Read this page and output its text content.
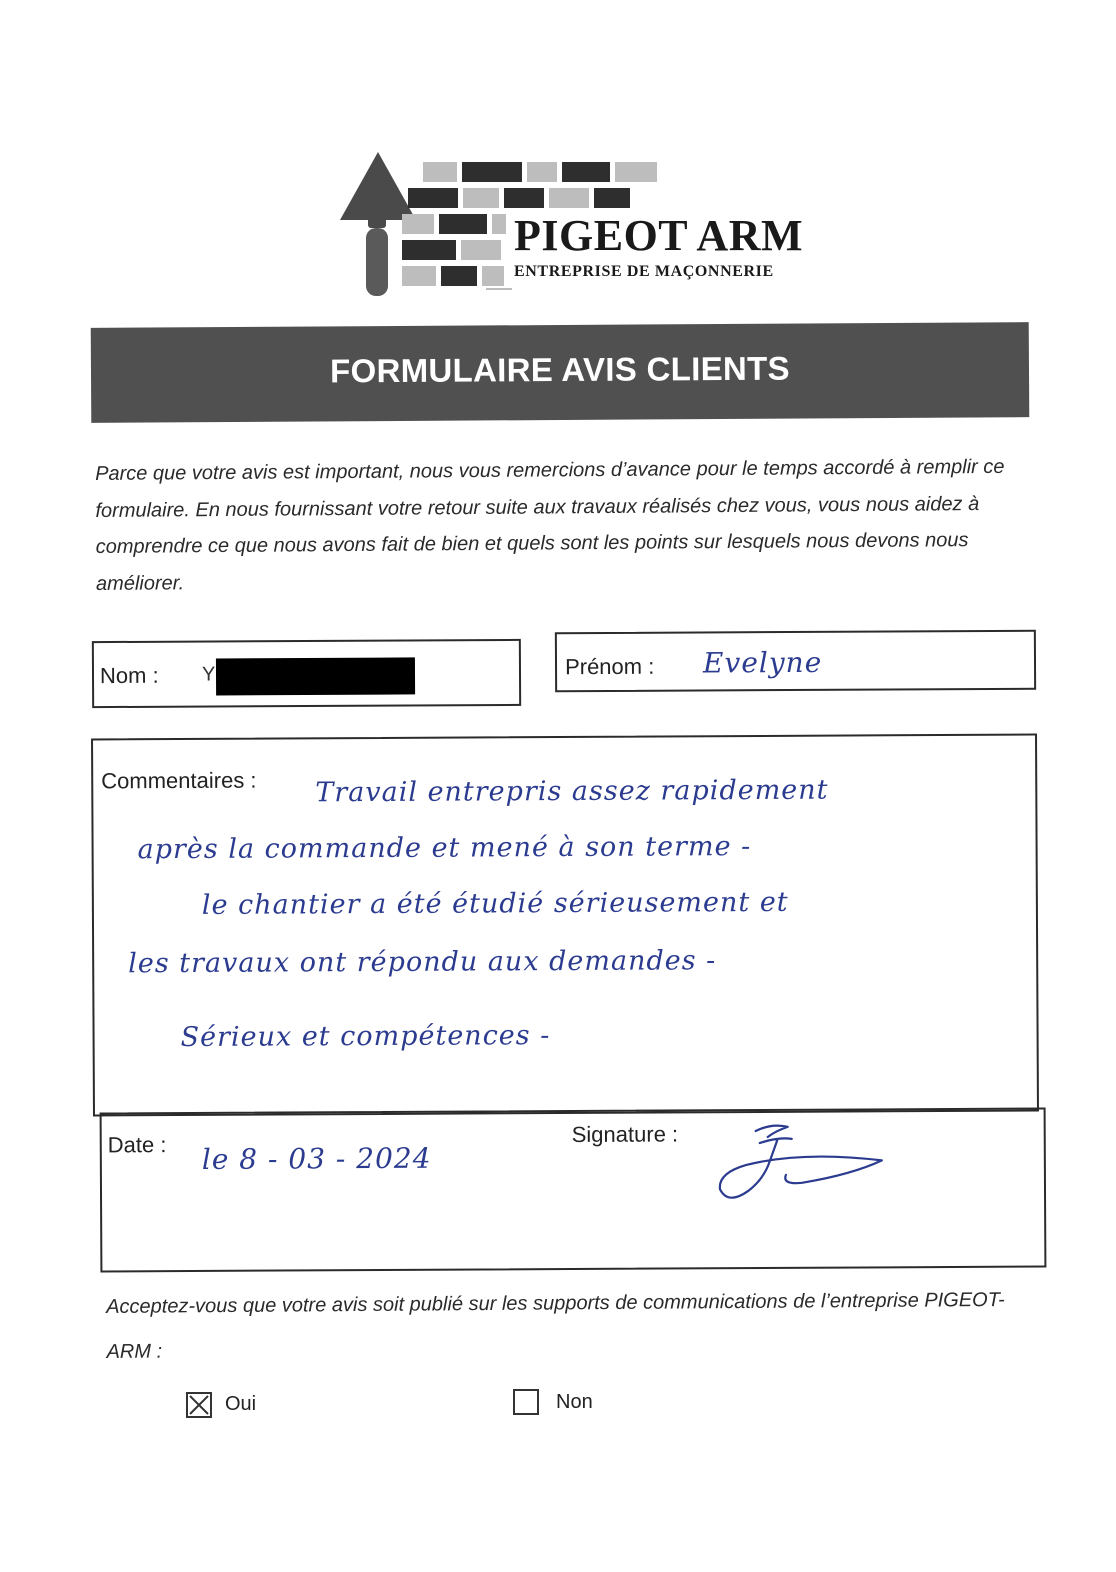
PIGEOT ARM
ENTREPRISE DE MAÇONNERIE
FORMULAIRE AVIS CLIENTS
Parce que votre avis est important, nous vous remercions d’avance pour le temps accordé à remplir ce formulaire. En nous fournissant votre retour suite aux travaux réalisés chez vous, vous nous aidez à comprendre ce que nous avons fait de bien et quels sont les points sur lesquels nous devons nous améliorer.
Nom : Y	Prénom : Evelyne
Commentaires : Travail entrepris assez rapidement
après la commande et mené à son terme -
le chantier a été étudié sérieusement et
les travaux ont répondu aux demandes -
Sérieux et compétences -
Date : le 8 - 03 - 2024
Signature :
Acceptez-vous que votre avis soit publié sur les supports de communications de l’entreprise PIGEOT-ARM :
Oui	Non
